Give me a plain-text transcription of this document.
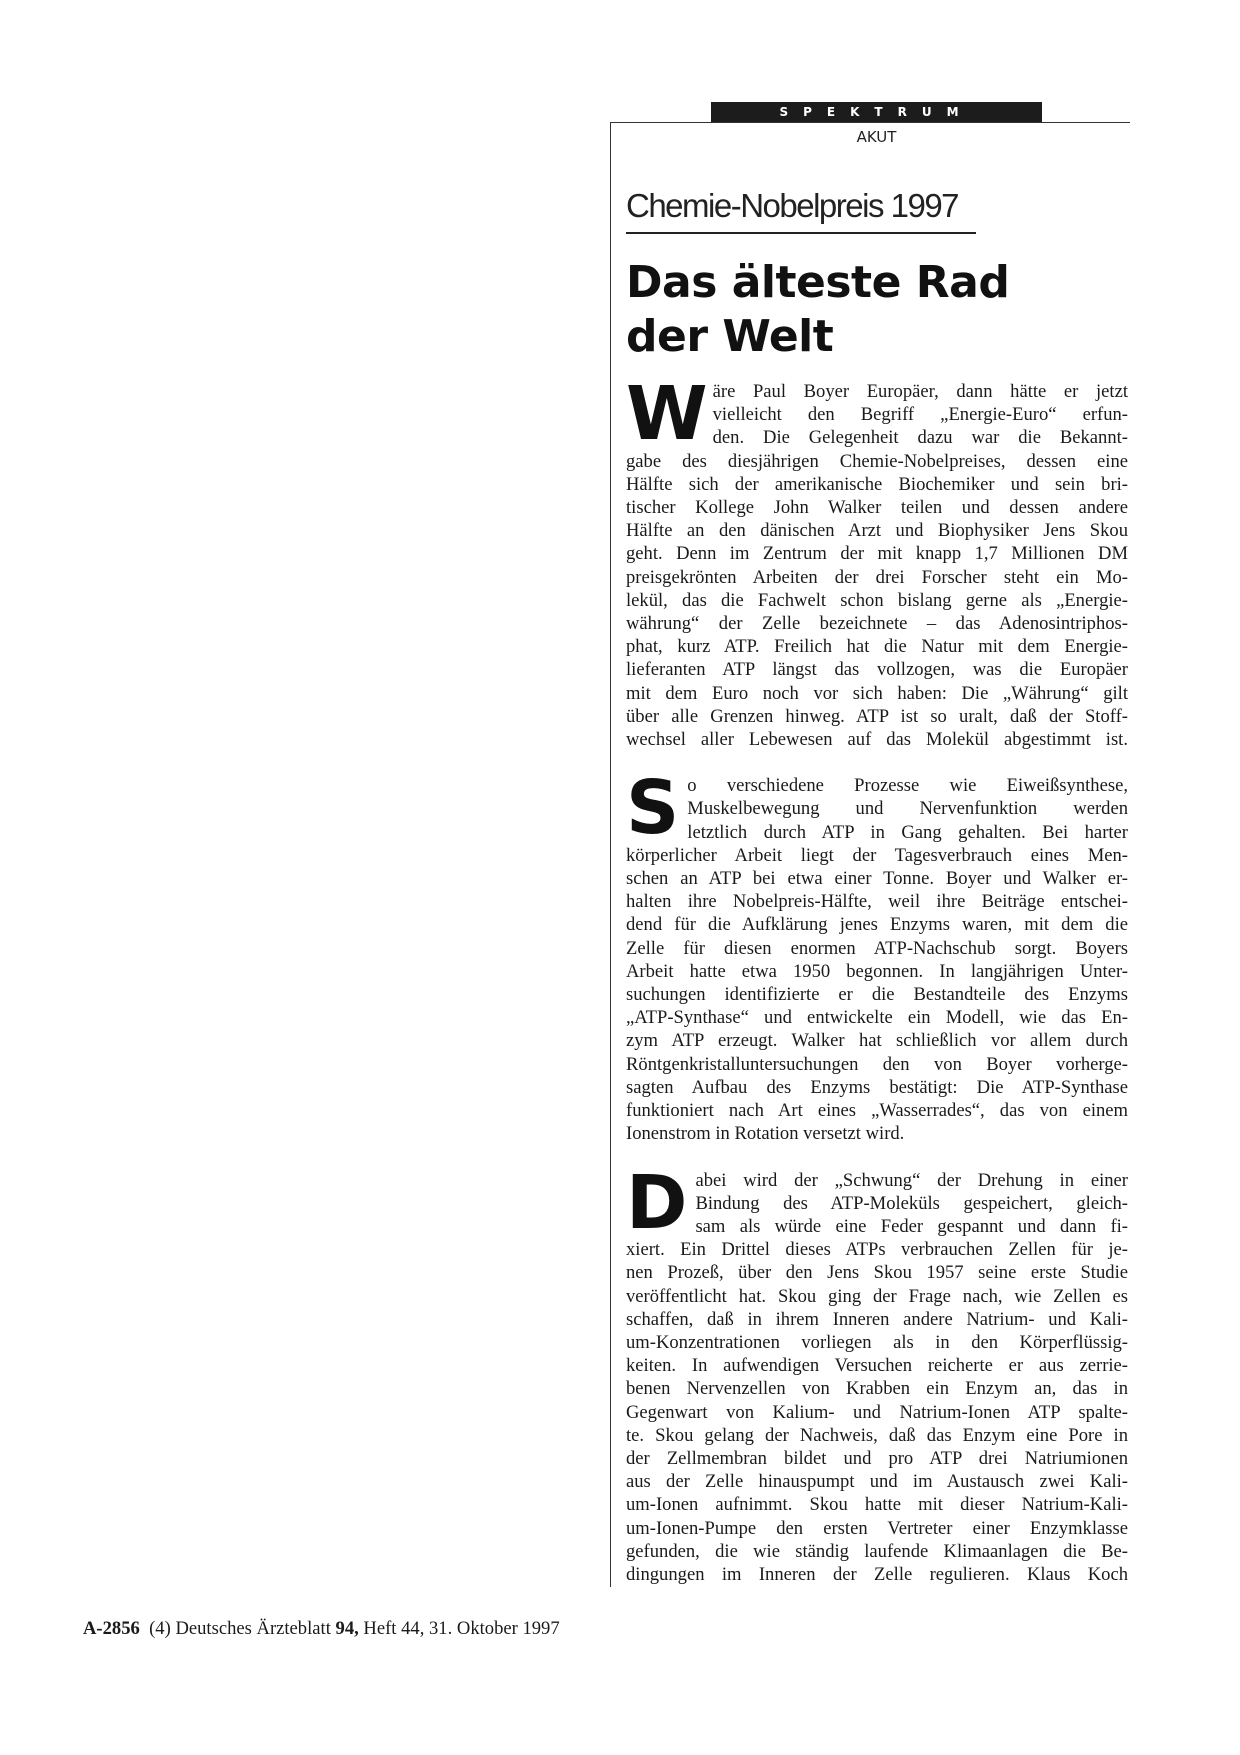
SPEKTRUM
AKUT
Chemie-Nobelpreis 1997
Das älteste Rad
der Welt

W äre Paul Boyer Europäer, dann hätte er jetzt
vielleicht den Begriff „Energie-Euro“ erfun-
den. Die Gelegenheit dazu war die Bekannt-
gabe des diesjährigen Chemie-Nobelpreises, dessen eine
Hälfte sich der amerikanische Biochemiker und sein bri-
tischer Kollege John Walker teilen und dessen andere
Hälfte an den dänischen Arzt und Biophysiker Jens Skou
geht. Denn im Zentrum der mit knapp 1,7 Millionen DM
preisgekrönten Arbeiten der drei Forscher steht ein Mo-
lekül, das die Fachwelt schon bislang gerne als „Energie-
währung“ der Zelle bezeichnete – das Adenosintriphos-
phat, kurz ATP. Freilich hat die Natur mit dem Energie-
lieferanten ATP längst das vollzogen, was die Europäer
mit dem Euro noch vor sich haben: Die „Währung“ gilt
über alle Grenzen hinweg. ATP ist so uralt, daß der Stoff-
wechsel aller Lebewesen auf das Molekül abgestimmt ist.

S o verschiedene Prozesse wie Eiweißsynthese,
Muskelbewegung und Nervenfunktion werden
letztlich durch ATP in Gang gehalten. Bei harter
körperlicher Arbeit liegt der Tagesverbrauch eines Men-
schen an ATP bei etwa einer Tonne. Boyer und Walker er-
halten ihre Nobelpreis-Hälfte, weil ihre Beiträge entschei-
dend für die Aufklärung jenes Enzyms waren, mit dem die
Zelle für diesen enormen ATP-Nachschub sorgt. Boyers
Arbeit hatte etwa 1950 begonnen. In langjährigen Unter-
suchungen identifizierte er die Bestandteile des Enzyms
„ATP-Synthase“ und entwickelte ein Modell, wie das En-
zym ATP erzeugt. Walker hat schließlich vor allem durch
Röntgenkristalluntersuchungen den von Boyer vorherge-
sagten Aufbau des Enzyms bestätigt: Die ATP-Synthase
funktioniert nach Art eines „Wasserrades“, das von einem
Ionenstrom in Rotation versetzt wird.

D abei wird der „Schwung“ der Drehung in einer
Bindung des ATP-Moleküls gespeichert, gleich-
sam als würde eine Feder gespannt und dann fi-
xiert. Ein Drittel dieses ATPs verbrauchen Zellen für je-
nen Prozeß, über den Jens Skou 1957 seine erste Studie
veröffentlicht hat. Skou ging der Frage nach, wie Zellen es
schaffen, daß in ihrem Inneren andere Natrium- und Kali-
um-Konzentrationen vorliegen als in den Körperflüssig-
keiten. In aufwendigen Versuchen reicherte er aus zerrie-
benen Nervenzellen von Krabben ein Enzym an, das in
Gegenwart von Kalium- und Natrium-Ionen ATP spalte-
te. Skou gelang der Nachweis, daß das Enzym eine Pore in
der Zellmembran bildet und pro ATP drei Natriumionen
aus der Zelle hinauspumpt und im Austausch zwei Kali-
um-Ionen aufnimmt. Skou hatte mit dieser Natrium-Kali-
um-Ionen-Pumpe den ersten Vertreter einer Enzymklasse
gefunden, die wie ständig laufende Klimaanlagen die Be-
dingungen im Inneren der Zelle regulieren. Klaus Koch

A-2856 (4) Deutsches Ärzteblatt 94, Heft 44, 31. Oktober 1997
